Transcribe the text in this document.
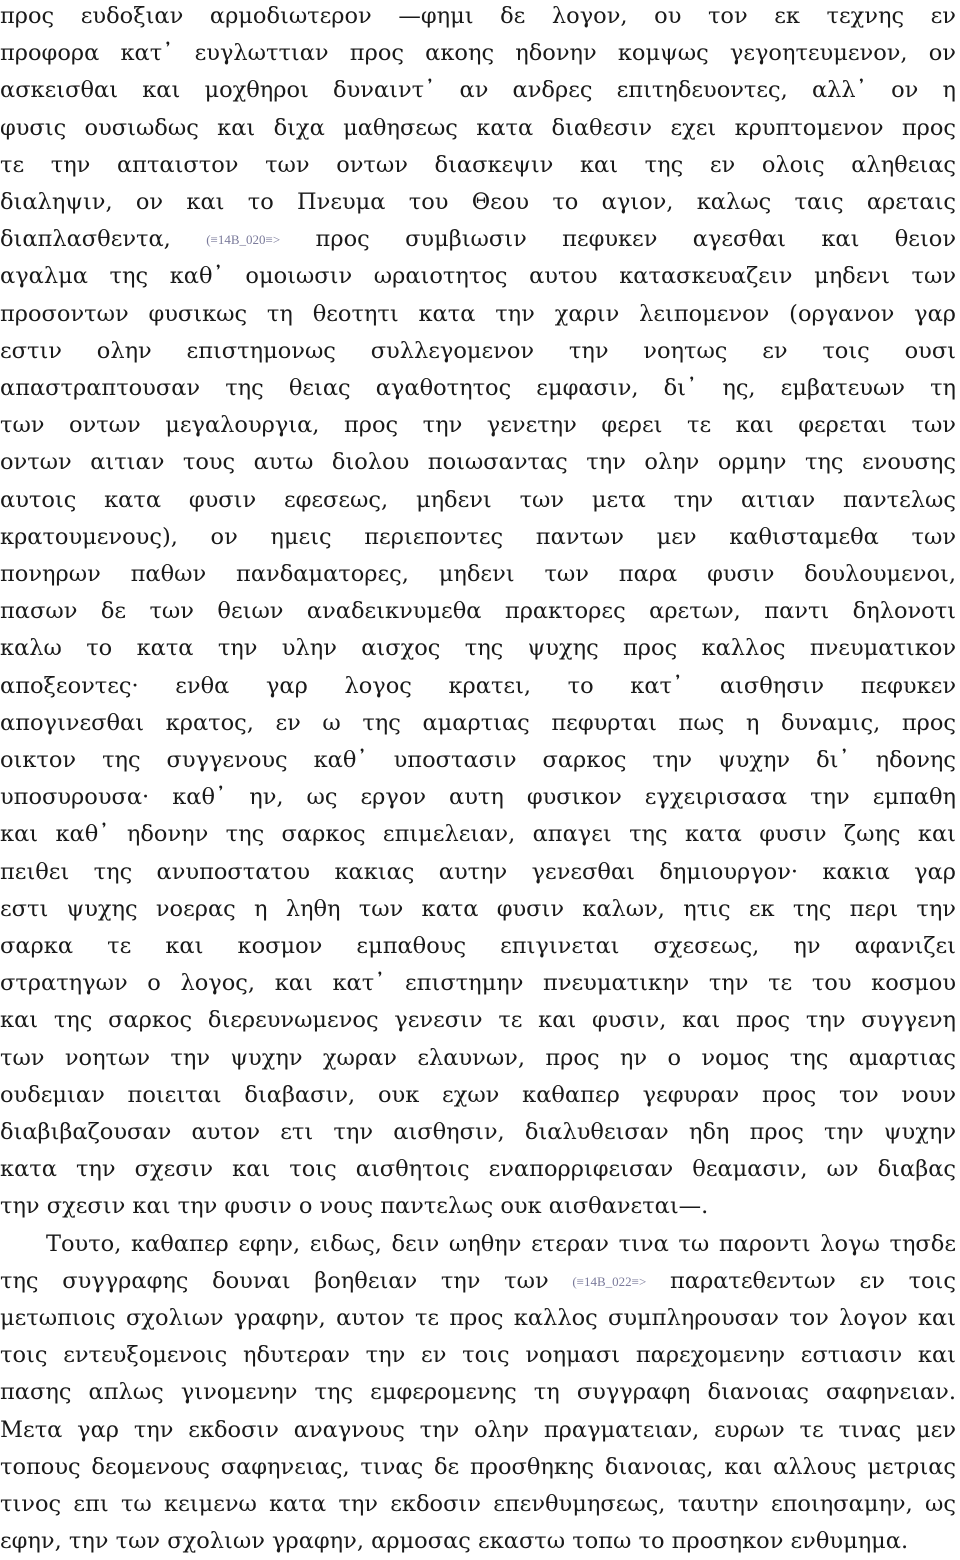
προς ευδοξιαν αρμοδιωτερον —φημι δε λογον, ου τον εκ τεχνης εν
προφορα κατ᾿ ευγλωττιαν προς ακοης ηδονην κομψως γεγοητευμενον, ον
ασκεισθαι και μοχθηροι δυναιντ᾿ αν ανδρες επιτηδευοντες, αλλ᾿ ον η
φυσις ουσιωδως και διχα μαθησεως κατα διαθεσιν εχει κρυπτομενον προς
τε την απταιστον των οντων διασκεψιν και της εν ολοις αληθειας
διαληψιν, ον και το Πνευμα του Θεου το αγιον, καλως ταις αρεταις
διαπλασθεντα, (≡14B_020≡> προς συμβιωσιν πεφυκεν αγεσθαι και θειον
αγαλμα της καθ᾿ ομοιωσιν ωραιοτητος αυτου κατασκευαζειν μηδενι των
προσοντων φυσικως τη θεοτητι κατα την χαριν λειπομενον (οργανον γαρ
εστιν ολην επιστημονως συλλεγομενον την νοητως εν τοις ουσι
απαστραπτουσαν της θειας αγαθοτητος εμφασιν, δι᾿ ης, εμβατευων τη
των οντων μεγαλουργια, προς την γενετην φερει τε και φερεται των
οντων αιτιαν τους αυτω διολου ποιωσαντας την ολην ορμην της ενουσης
αυτοις κατα φυσιν εφεσεως, μηδενι των μετα την αιτιαν παντελως
κρατουμενους), ον ημεις περιεποντες παντων μεν καθισταμεθα των
πονηρων παθων πανδαματορες, μηδενι των παρα φυσιν δουλουμενοι,
πασων δε των θειων αναδεικνυμεθα πρακτορες αρετων, παντι δηλονοτι
καλω το κατα την υλην αισχος της ψυχης προς καλλος πνευματικον
αποξεοντες· ενθα γαρ λογος κρατει, το κατ᾿ αισθησιν πεφυκεν
απογινεσθαι κρατος, εν ω της αμαρτιας πεφυρται πως η δυναμις, προς
οικτον της συγγενους καθ᾿ υποστασιν σαρκος την ψυχην δι᾿ ηδονης
υποσυρουσα· καθ᾿ ην, ως εργον αυτη φυσικον εγχειρισασα την εμπαθη
και καθ᾿ ηδονην της σαρκος επιμελειαν, απαγει της κατα φυσιν ζωης και
πειθει της ανυποστατου κακιας αυτην γενεσθαι δημιουργον· κακια γαρ
εστι ψυχης νοερας η ληθη των κατα φυσιν καλων, ητις εκ της περι την
σαρκα τε και κοσμον εμπαθους επιγινεται σχεσεως, ην αφανιζει
στρατηγων ο λογος, και κατ᾿ επιστημην πνευματικην την τε του κοσμου
και της σαρκος διερευνωμενος γενεσιν τε και φυσιν, και προς την συγγενη
των νοητων την ψυχην χωραν ελαυνων, προς ην ο νομος της αμαρτιας
ουδεμιαν ποιειται διαβασιν, ουκ εχων καθαπερ γεφυραν προς τον νουν
διαβιβαζουσαν αυτον ετι την αισθησιν, διαλυθεισαν ηδη προς την ψυχην
κατα την σχεσιν και τοις αισθητοις εναπορριφεισαν θεαμασιν, ων διαβας
την σχεσιν και την φυσιν ο νους παντελως ουκ αισθανεται—.
Τουτο, καθαπερ εφην, ειδως, δειν ωηθην ετεραν τινα τω παροντι λογω τησδε
της συγγραφης δουναι βοηθειαν την των (≡14B_022≡> παρατεθεντων εν τοις
μετωπιοις σχολιων γραφην, αυτον τε προς καλλος συμπληρουσαν τον λογον και
τοις εντευξομενοις ηδυτεραν την εν τοις νοημασι παρεχομενην εστιασιν και
πασης απλως γινομενην της εμφερομενης τη συγγραφη διανοιας σαφηνειαν.
Μετα γαρ την εκδοσιν αναγνους την ολην πραγματειαν, ευρων τε τινας μεν
τοπους δεομενους σαφηνειας, τινας δε προσθηκης διανοιας, και αλλους μετριας
τινος επι τω κειμενω κατα την εκδοσιν επενθυμησεως, ταυτην εποιησαμην, ως
εφην, την των σχολιων γραφην, αρμοσας εκαστω τοπω το προσηκον ενθυμημα.
